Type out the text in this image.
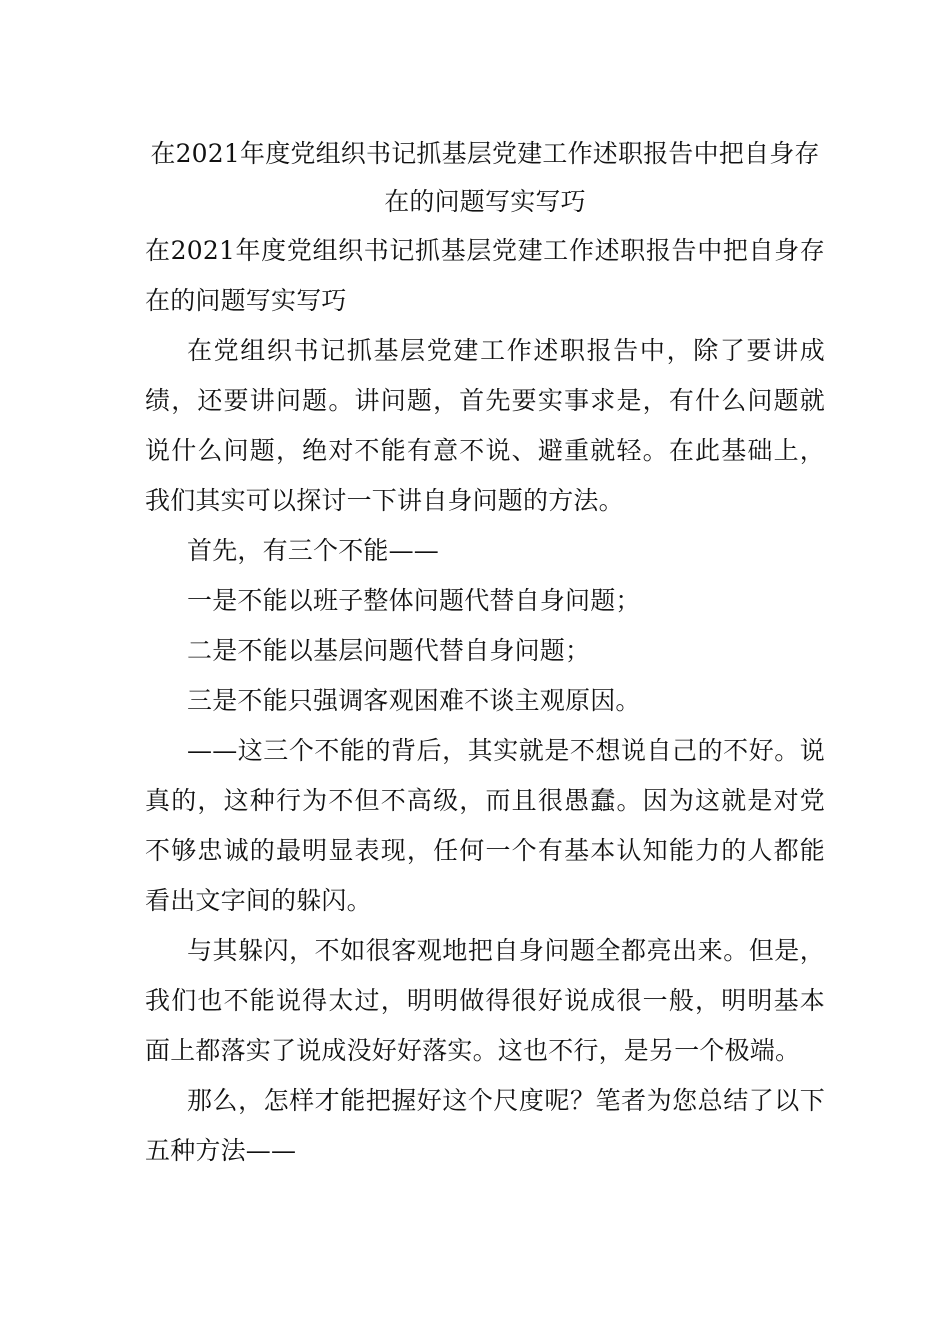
在2021年度党组织书记抓基层党建工作述职报告中把自身存在的问题写实写巧

在2021年度党组织书记抓基层党建工作述职报告中把自身存在的问题写实写巧

在党组织书记抓基层党建工作述职报告中，除了要讲成绩，还要讲问题。讲问题，首先要实事求是，有什么问题就说什么问题，绝对不能有意不说、避重就轻。在此基础上，我们其实可以探讨一下讲自身问题的方法。

首先，有三个不能——

一是不能以班子整体问题代替自身问题；

二是不能以基层问题代替自身问题；

三是不能只强调客观困难不谈主观原因。

——这三个不能的背后，其实就是不想说自己的不好。说真的，这种行为不但不高级，而且很愚蠢。因为这就是对党不够忠诚的最明显表现，任何一个有基本认知能力的人都能看出文字间的躲闪。

与其躲闪，不如很客观地把自身问题全都亮出来。但是，我们也不能说得太过，明明做得很好说成很一般，明明基本面上都落实了说成没好好落实。这也不行，是另一个极端。

那么，怎样才能把握好这个尺度呢？笔者为您总结了以下五种方法——
